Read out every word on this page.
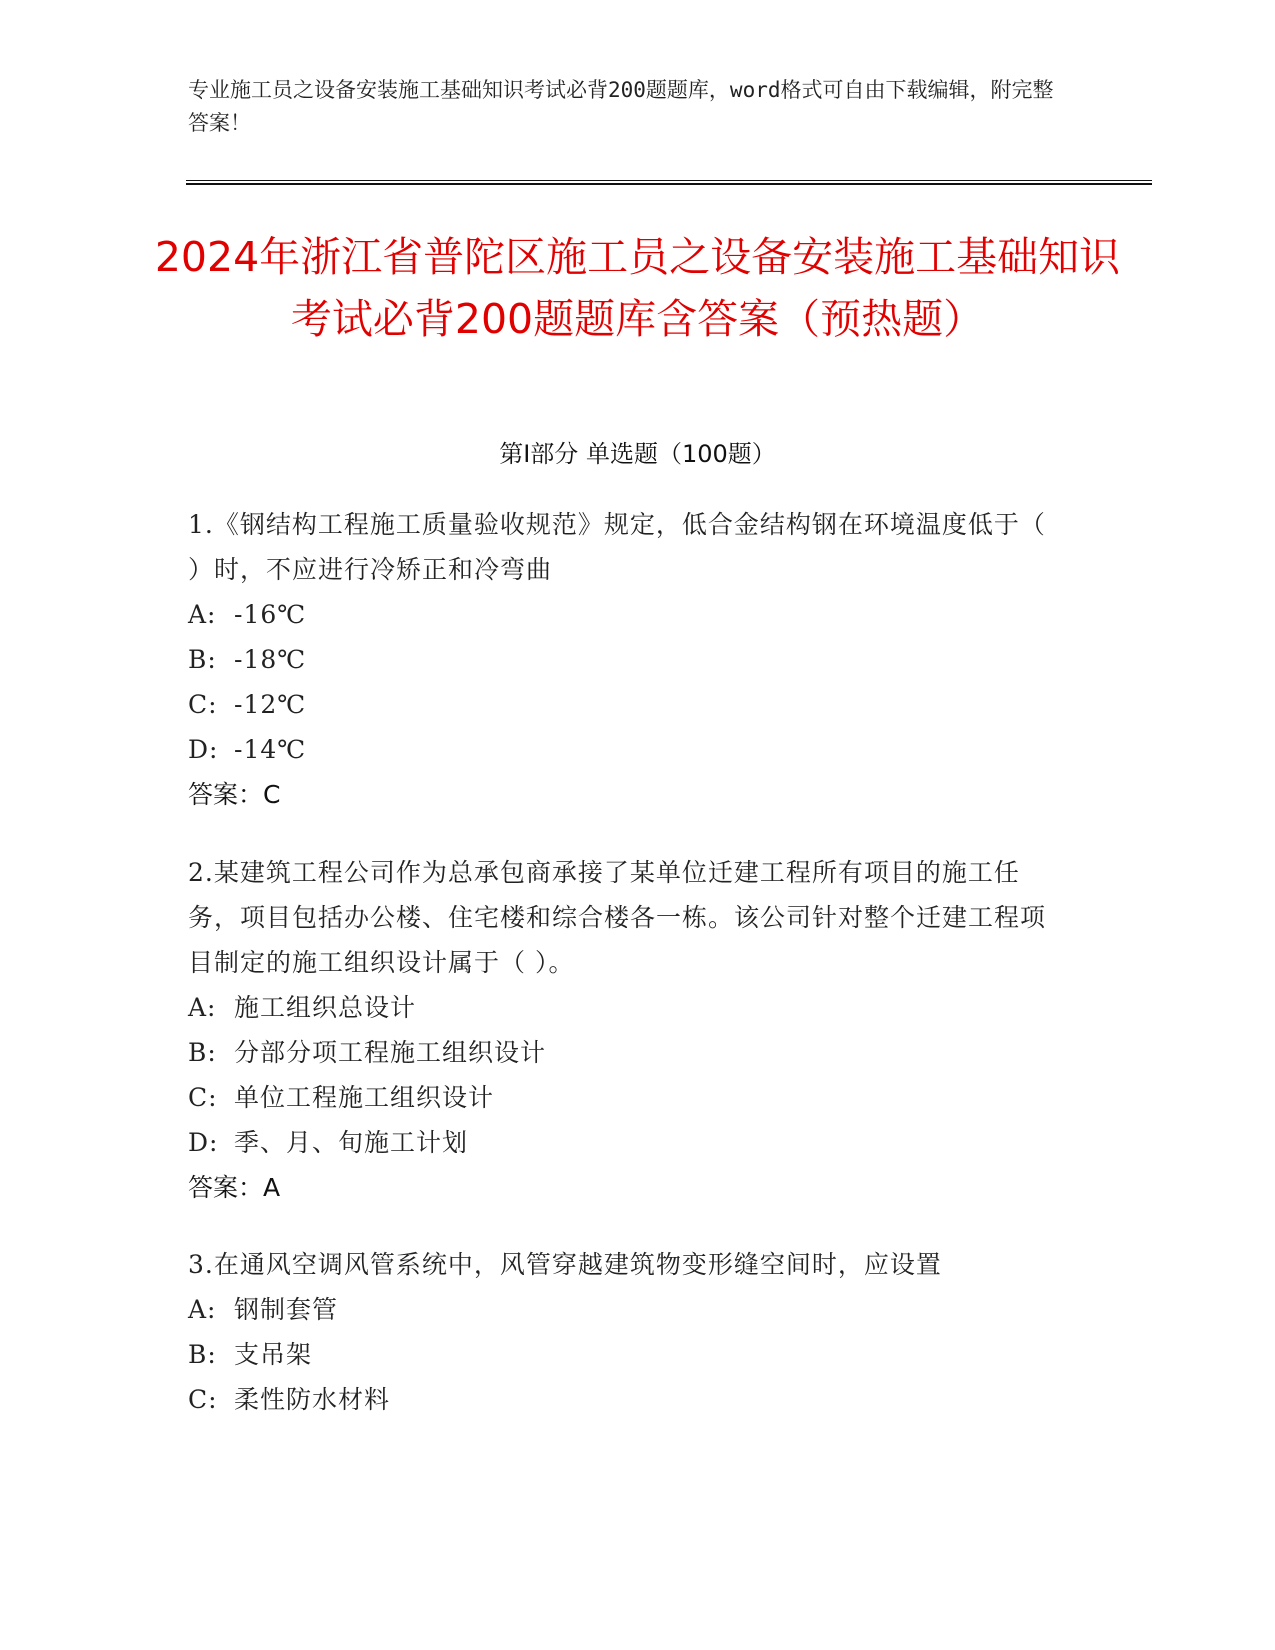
专业施工员之设备安装施工基础知识考试必背200题题库，word格式可自由下载编辑，附完整答案！
2024年浙江省普陀区施工员之设备安装施工基础知识考试必背200题题库含答案（预热题）
第Ⅰ部分 单选题（100题）
1.《钢结构工程施工质量验收规范》规定，低合金结构钢在环境温度低于（ ）时，不应进行冷矫正和冷弯曲
A: -16℃
B: -18℃
C: -12℃
D: -14℃
答案：C
2.某建筑工程公司作为总承包商承接了某单位迁建工程所有项目的施工任务，项目包括办公楼、住宅楼和综合楼各一栋。该公司针对整个迁建工程项目制定的施工组织设计属于（ ）。
A: 施工组织总设计
B: 分部分项工程施工组织设计
C: 单位工程施工组织设计
D: 季、月、旬施工计划
答案：A
3.在通风空调风管系统中，风管穿越建筑物变形缝空间时，应设置
A: 钢制套管
B: 支吊架
C: 柔性防水材料
